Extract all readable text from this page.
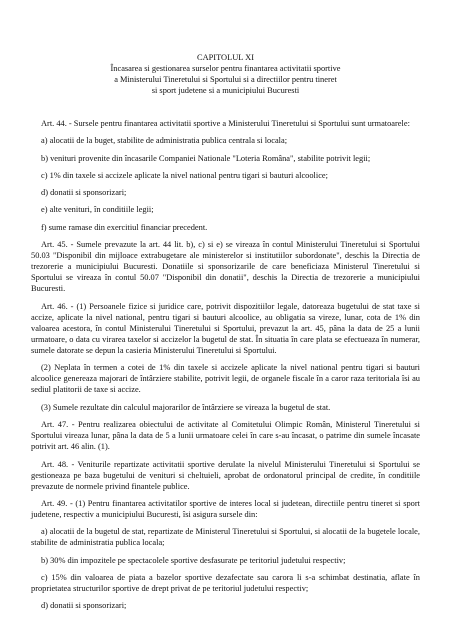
CAPITOLUL XI
Încasarea si gestionarea surselor pentru finantarea activitatii sportive
a Ministerului Tineretului si Sportului si a directiilor pentru tineret
si sport judetene si a municipiului Bucuresti

Art. 44. - Sursele pentru finantarea activitatii sportive a Ministerului Tineretului si Sportului sunt urmatoarele:

a) alocatii de la buget, stabilite de administratia publica centrala si locala;

b) venituri provenite din încasarile Companiei Nationale "Loteria Româna", stabilite potrivit legii;

c) 1% din taxele si accizele aplicate la nivel national pentru tigari si bauturi alcoolice;

d) donatii si sponsorizari;

e) alte venituri, în conditiile legii;

f) sume ramase din exercitiul financiar precedent.

Art. 45. - Sumele prevazute la art. 44 lit. b), c) si e) se vireaza în contul Ministerului Tineretului si Sportului 50.03 "Disponibil din mijloace extrabugetare ale ministerelor si institutiilor subordonate", deschis la Directia de trezorerie a municipiului Bucuresti. Donatiile si sponsorizarile de care beneficiaza Ministerul Tineretului si Sportului se vireaza în contul 50.07 "Disponibil din donatii", deschis la Directia de trezorerie a municipiului Bucuresti.

Art. 46. - (1) Persoanele fizice si juridice care, potrivit dispozitiilor legale, datoreaza bugetului de stat taxe si accize, aplicate la nivel national, pentru tigari si bauturi alcoolice, au obligatia sa vireze, lunar, cota de 1% din valoarea acestora, în contul Ministerului Tineretului si Sportului, prevazut la art. 45, pâna la data de 25 a lunii urmatoare, o data cu virarea taxelor si accizelor la bugetul de stat. În situatia în care plata se efectueaza în numerar, sumele datorate se depun la casieria Ministerului Tineretului si Sportului.

(2) Neplata în termen a cotei de 1% din taxele si accizele aplicate la nivel national pentru tigari si bauturi alcoolice genereaza majorari de întârziere stabilite, potrivit legii, de organele fiscale în a caror raza teritoriala îsi au sediul platitorii de taxe si accize.

(3) Sumele rezultate din calculul majorarilor de întârziere se vireaza la bugetul de stat.

Art. 47. - Pentru realizarea obiectului de activitate al Comitetului Olimpic Român, Ministerul Tineretului si Sportului vireaza lunar, pâna la data de 5 a lunii urmatoare celei în care s-au încasat, o patrime din sumele încasate potrivit art. 46 alin. (1).

Art. 48. - Veniturile repartizate activitatii sportive derulate la nivelul Ministerului Tineretului si Sportului se gestioneaza pe baza bugetului de venituri si cheltuieli, aprobat de ordonatorul principal de credite, în conditiile prevazute de normele privind finantele publice.

Art. 49. - (1) Pentru finantarea activitatilor sportive de interes local si judetean, directiile pentru tineret si sport judetene, respectiv a municipiului Bucuresti, îsi asigura sursele din:

a) alocatii de la bugetul de stat, repartizate de Ministerul Tineretului si Sportului, si alocatii de la bugetele locale, stabilite de administratia publica locala;

b) 30% din impozitele pe spectacolele sportive desfasurate pe teritoriul judetului respectiv;

c) 15% din valoarea de piata a bazelor sportive dezafectate sau carora li s-a schimbat destinatia, aflate în proprietatea structurilor sportive de drept privat de pe teritoriul judetului respectiv;

d) donatii si sponsorizari;
